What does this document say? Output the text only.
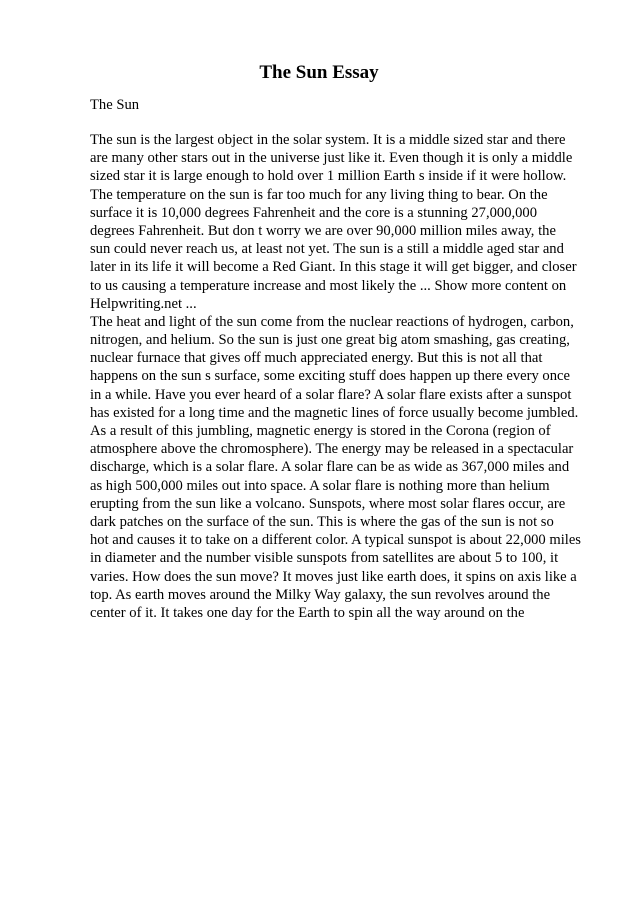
The Sun Essay
The Sun
The sun is the largest object in the solar system. It is a middle sized star and there
are many other stars out in the universe just like it. Even though it is only a middle
sized star it is large enough to hold over 1 million Earth s inside if it were hollow.
The temperature on the sun is far too much for any living thing to bear. On the
surface it is 10,000 degrees Fahrenheit and the core is a stunning 27,000,000
degrees Fahrenheit. But don t worry we are over 90,000 million miles away, the
sun could never reach us, at least not yet. The sun is a still a middle aged star and
later in its life it will become a Red Giant. In this stage it will get bigger, and closer
to us causing a temperature increase and most likely the ... Show more content on
Helpwriting.net ...
The heat and light of the sun come from the nuclear reactions of hydrogen, carbon,
nitrogen, and helium. So the sun is just one great big atom smashing, gas creating,
nuclear furnace that gives off much appreciated energy. But this is not all that
happens on the sun s surface, some exciting stuff does happen up there every once
in a while. Have you ever heard of a solar flare? A solar flare exists after a sunspot
has existed for a long time and the magnetic lines of force usually become jumbled.
As a result of this jumbling, magnetic energy is stored in the Corona (region of
atmosphere above the chromosphere). The energy may be released in a spectacular
discharge, which is a solar flare. A solar flare can be as wide as 367,000 miles and
as high 500,000 miles out into space. A solar flare is nothing more than helium
erupting from the sun like a volcano. Sunspots, where most solar flares occur, are
dark patches on the surface of the sun. This is where the gas of the sun is not so
hot and causes it to take on a different color. A typical sunspot is about 22,000 miles
in diameter and the number visible sunspots from satellites are about 5 to 100, it
varies. How does the sun move? It moves just like earth does, it spins on axis like a
top. As earth moves around the Milky Way galaxy, the sun revolves around the
center of it. It takes one day for the Earth to spin all the way around on the
